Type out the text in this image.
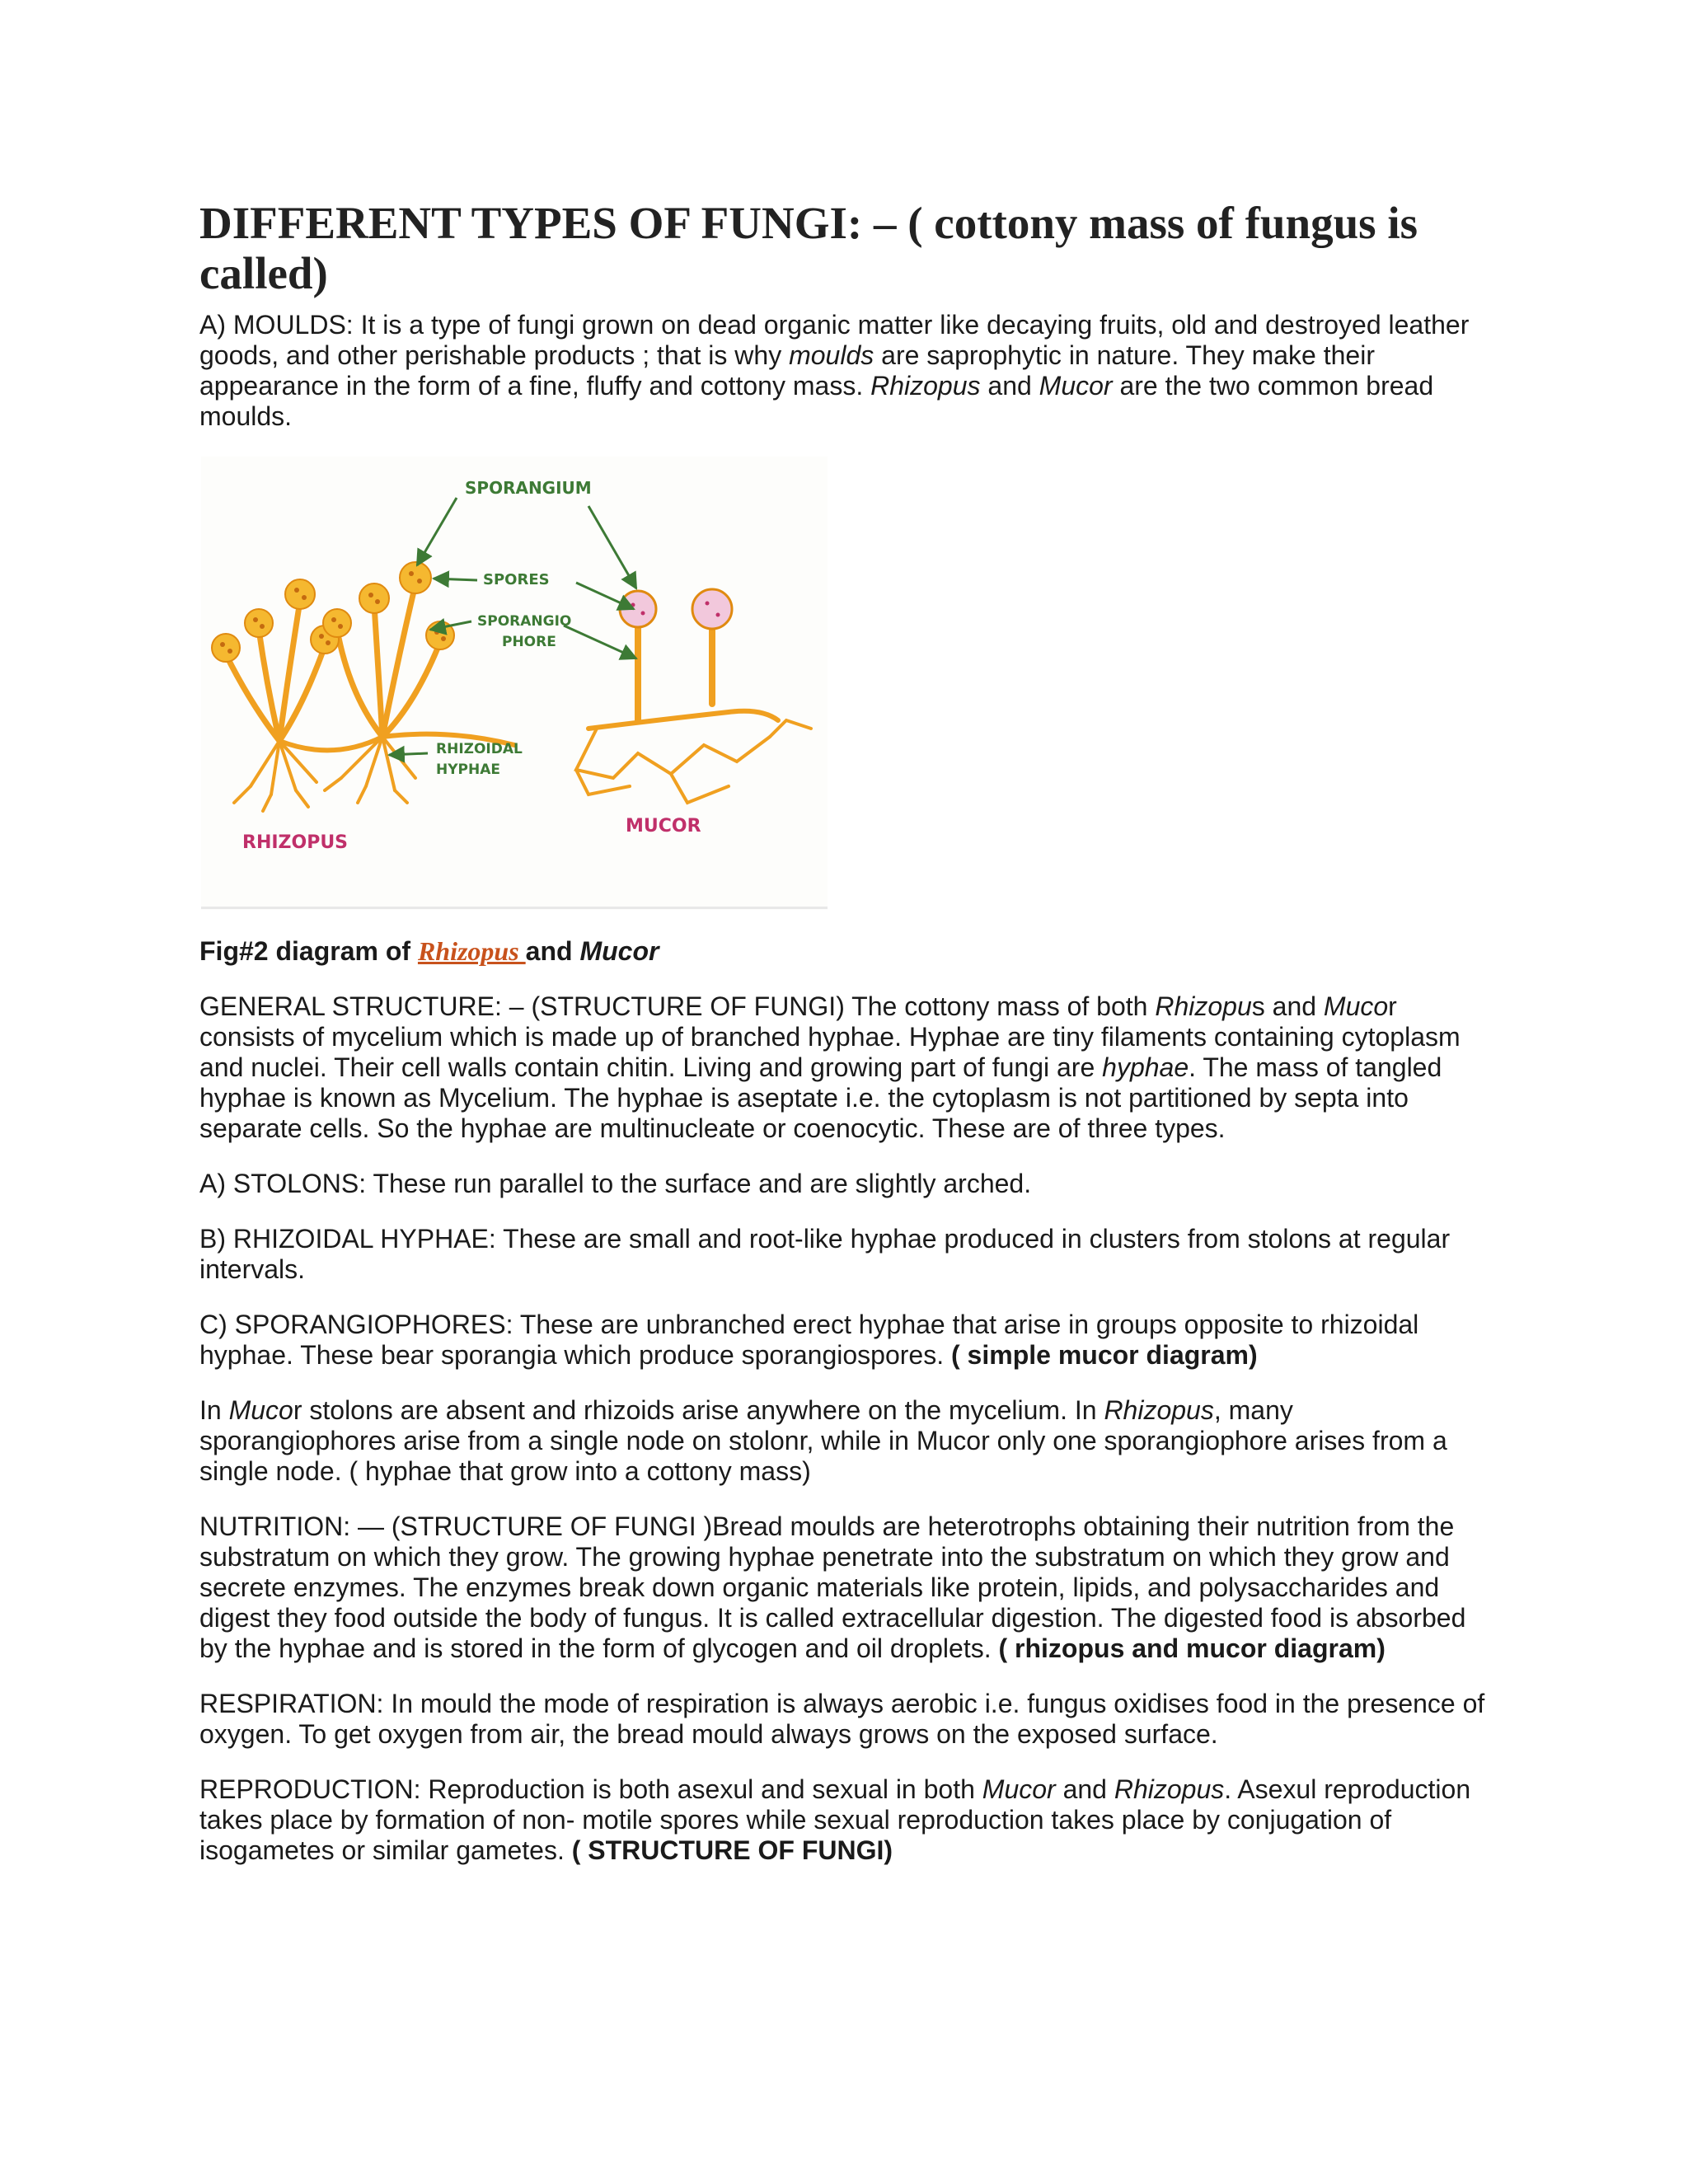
DIFFERENT TYPES OF FUNGI: – ( cottony mass of fungus is called)

A) MOULDS: It is a type of fungi grown on dead organic matter like decaying fruits, old and destroyed leather goods, and other perishable products ; that is why moulds are saprophytic in nature. They make their appearance in the form of a fine, fluffy and cottony mass. Rhizopus and Mucor are the two common bread moulds.

SPORANGIUM
SPORES
SPORANGIO
PHORE
RHIZOIDAL
HYPHAE
RHIZOPUS
MUCOR

Fig#2 diagram of Rhizopus and Mucor

GENERAL STRUCTURE: – (STRUCTURE OF FUNGI) The cottony mass of both Rhizopus and Mucor consists of mycelium which is made up of branched hyphae. Hyphae are tiny filaments containing cytoplasm and nuclei. Their cell walls contain chitin. Living and growing part of fungi are hyphae. The mass of tangled hyphae is known as Mycelium. The hyphae is aseptate i.e. the cytoplasm is not partitioned by septa into separate cells. So the hyphae are multinucleate or coenocytic. These are of three types.

A) STOLONS: These run parallel to the surface and are slightly arched.

B) RHIZOIDAL HYPHAE: These are small and root-like hyphae produced in clusters from stolons at regular intervals.

C) SPORANGIOPHORES: These are unbranched erect hyphae that arise in groups opposite to rhizoidal hyphae. These bear sporangia which produce sporangiospores. ( simple mucor diagram)

In Mucor stolons are absent and rhizoids arise anywhere on the mycelium. In Rhizopus, many sporangiophores arise from a single node on stolonr, while in Mucor only one sporangiophore arises from a single node. ( hyphae that grow into a cottony mass)

NUTRITION: — (STRUCTURE OF FUNGI )Bread moulds are heterotrophs obtaining their nutrition from the substratum on which they grow. The growing hyphae penetrate into the substratum on which they grow and secrete enzymes. The enzymes break down organic materials like protein, lipids, and polysaccharides and digest they food outside the body of fungus. It is called extracellular digestion. The digested food is absorbed by the hyphae and is stored in the form of glycogen and oil droplets. ( rhizopus and mucor diagram)

RESPIRATION: In mould the mode of respiration is always aerobic i.e. fungus oxidises food in the presence of oxygen. To get oxygen from air, the bread mould always grows on the exposed surface.

REPRODUCTION: Reproduction is both asexul and sexual in both Mucor and Rhizopus. Asexul reproduction takes place by formation of non- motile spores while sexual reproduction takes place by conjugation of isogametes or similar gametes. ( STRUCTURE OF FUNGI)
